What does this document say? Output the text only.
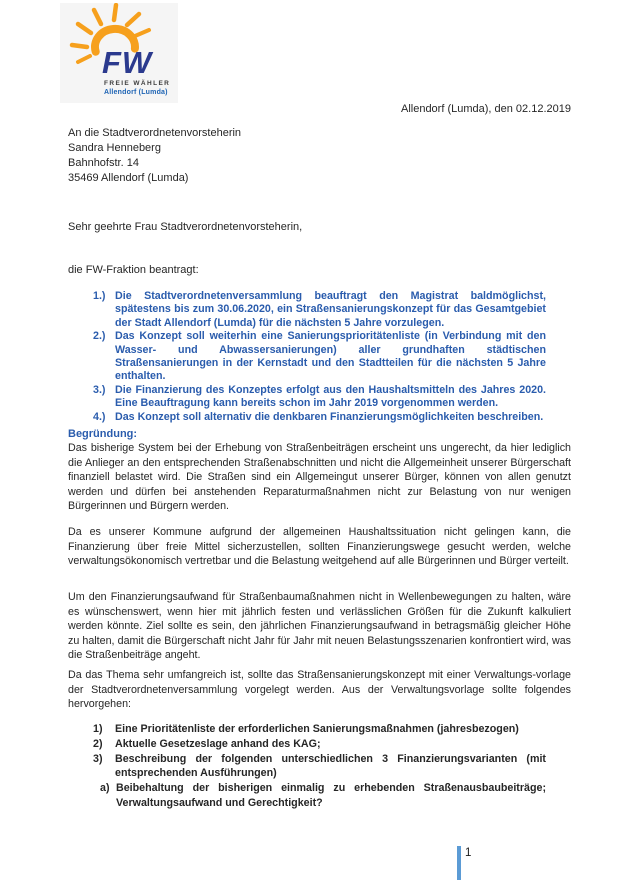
FW
FREIE WÄHLER
Allendorf (Lumda)
Allendorf (Lumda), den 02.12.2019
An die Stadtverordnetenvorsteherin
Sandra Henneberg
Bahnhofstr. 14
35469 Allendorf (Lumda)
Sehr geehrte Frau Stadtverordnetenvorsteherin,
die FW-Fraktion beantragt:
1.) Die Stadtverordnetenversammlung beauftragt den Magistrat baldmöglichst, spätestens bis zum 30.06.2020, ein Straßensanierungskonzept für das Gesamtgebiet der Stadt Allendorf (Lumda) für die nächsten 5 Jahre vorzulegen.
2.) Das Konzept soll weiterhin eine Sanierungsprioritätenliste (in Verbindung mit den Wasser- und Abwassersanierungen) aller grundhaften städtischen Straßensanierungen in der Kernstadt und den Stadtteilen für die nächsten 5 Jahre enthalten.
3.) Die Finanzierung des Konzeptes erfolgt aus den Haushaltsmitteln des Jahres 2020. Eine Beauftragung kann bereits schon im Jahr 2019 vorgenommen werden.
4.) Das Konzept soll alternativ die denkbaren Finanzierungsmöglichkeiten beschreiben.
Begründung:
Das bisherige System bei der Erhebung von Straßenbeiträgen erscheint uns ungerecht, da hier lediglich die Anlieger an den entsprechenden Straßenabschnitten und nicht die Allgemeinheit unserer Bürgerschaft finanziell belastet wird. Die Straßen sind ein Allgemeingut unserer Bürger, können von allen genutzt werden und dürfen bei anstehenden Reparaturmaßnahmen nicht zur Belastung von nur wenigen Bürgerinnen und Bürgern werden.
Da es unserer Kommune aufgrund der allgemeinen Haushaltssituation nicht gelingen kann, die Finanzierung über freie Mittel sicherzustellen, sollten Finanzierungswege gesucht werden, welche verwaltungsökonomisch vertretbar und die Belastung weitgehend auf alle Bürgerinnen und Bürger verteilt.
Um den Finanzierungsaufwand für Straßenbaumaßnahmen nicht in Wellenbewegungen zu halten, wäre es wünschenswert, wenn hier mit jährlich festen und verlässlichen Größen für die Zukunft kalkuliert werden könnte. Ziel sollte es sein, den jährlichen Finanzierungsaufwand in betragsmäßig gleicher Höhe zu halten, damit die Bürgerschaft nicht Jahr für Jahr mit neuen Belastungsszenarien konfrontiert wird, was die Straßenbeiträge angeht.
Da das Thema sehr umfangreich ist, sollte das Straßensanierungskonzept mit einer Verwaltungs-vorlage der Stadtverordnetenversammlung vorgelegt werden. Aus der Verwaltungsvorlage sollte folgendes hervorgehen:
1)	Eine Prioritätenliste der erforderlichen Sanierungsmaßnahmen (jahresbezogen)
2)	Aktuelle Gesetzeslage anhand des KAG;
3)	Beschreibung der folgenden unterschiedlichen 3 Finanzierungsvarianten (mit entsprechenden Ausführungen)
a) Beibehaltung der bisherigen einmalig zu erhebenden Straßenausbaubeiträge; Verwaltungsaufwand und Gerechtigkeit?
1
